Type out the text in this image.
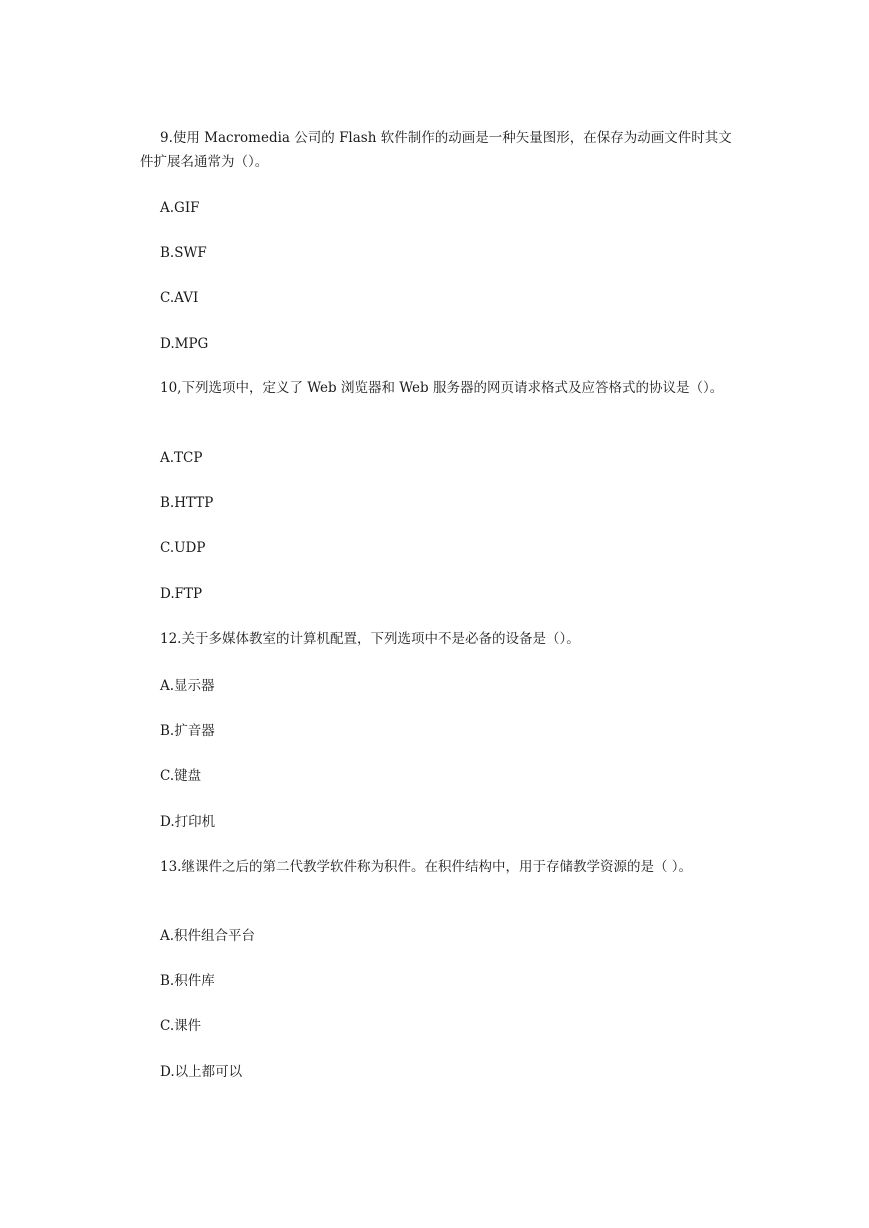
9.使用 Macromedia 公司的 Flash 软件制作的动画是一种矢量图形，在保存为动画文件时其文件扩展名通常为（）。

A.GIF

B.SWF

C.AVI

D.MPG

10,下列选项中，定义了 Web 浏览器和 Web 服务器的网页请求格式及应答格式的协议是（）。

A.TCP

B.HTTP

C.UDP

D.FTP

12.关于多媒体教室的计算机配置，下列选项中不是必备的设备是（）。

A.显示器

B.扩音器

C.键盘

D.打印机

13.继课件之后的第二代教学软件称为积件。在积件结构中，用于存储教学资源的是（ ）。

A.积件组合平台

B.积件库

C.课件

D.以上都可以
